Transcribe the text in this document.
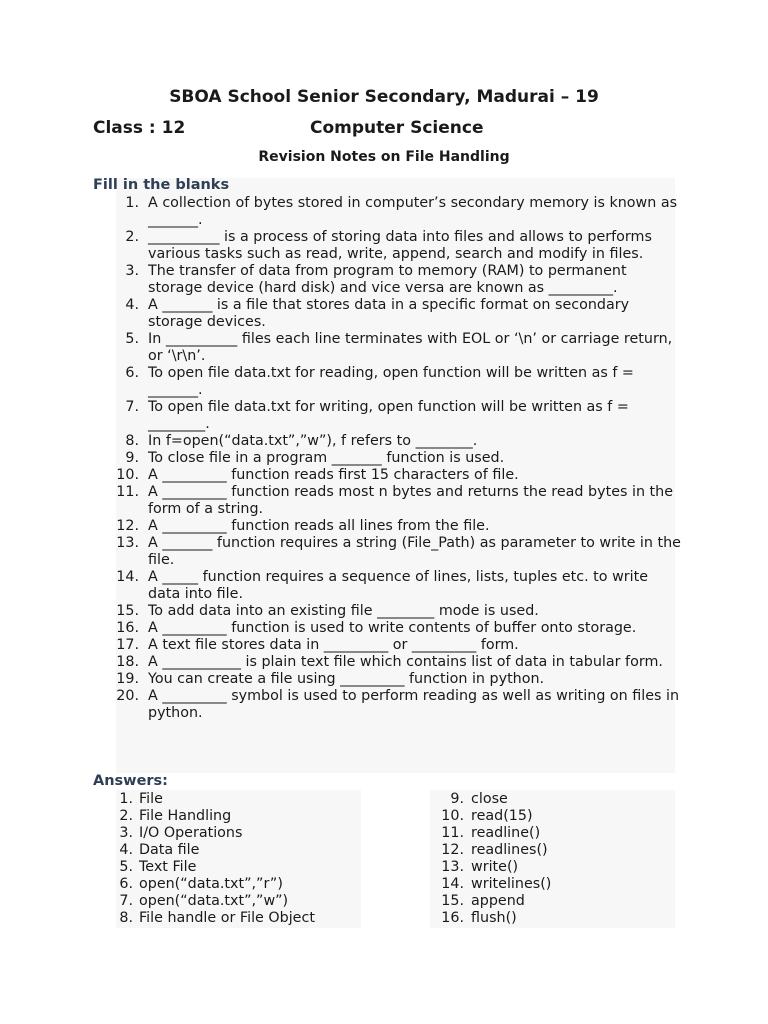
SBOA School Senior Secondary, Madurai – 19
Class : 12	Computer Science
Revision Notes on File Handling
Fill in the blanks
1. A collection of bytes stored in computer’s secondary memory is known as _______.
2. __________ is a process of storing data into files and allows to performs various tasks such as read, write, append, search and modify in files.
3. The transfer of data from program to memory (RAM) to permanent storage device (hard disk) and vice versa are known as _________.
4. A _______ is a file that stores data in a specific format on secondary storage devices.
5. In __________ files each line terminates with EOL or ‘\n’ or carriage return, or ‘\r\n’.
6. To open file data.txt for reading, open function will be written as f = _______.
7. To open file data.txt for writing, open function will be written as f = ________.
8. In f=open(“data.txt”,”w”), f refers to ________.
9. To close file in a program _______ function is used.
10. A _________ function reads first 15 characters of file.
11. A _________ function reads most n bytes and returns the read bytes in the form of a string.
12. A _________ function reads all lines from the file.
13. A _______ function requires a string (File_Path) as parameter to write in the file.
14. A _____ function requires a sequence of lines, lists, tuples etc. to write data into file.
15. To add data into an existing file ________ mode is used.
16. A _________ function is used to write contents of buffer onto storage.
17. A text file stores data in _________ or _________ form.
18. A ___________ is plain text file which contains list of data in tabular form.
19. You can create a file using _________ function in python.
20. A _________ symbol is used to perform reading as well as writing on files in python.
Answers:
1. File
2. File Handling
3. I/O Operations
4. Data file
5. Text File
6. open(“data.txt”,”r”)
7. open(“data.txt”,”w”)
8. File handle or File Object
9. close
10. read(15)
11. readline()
12. readlines()
13. write()
14. writelines()
15. append
16. flush()
